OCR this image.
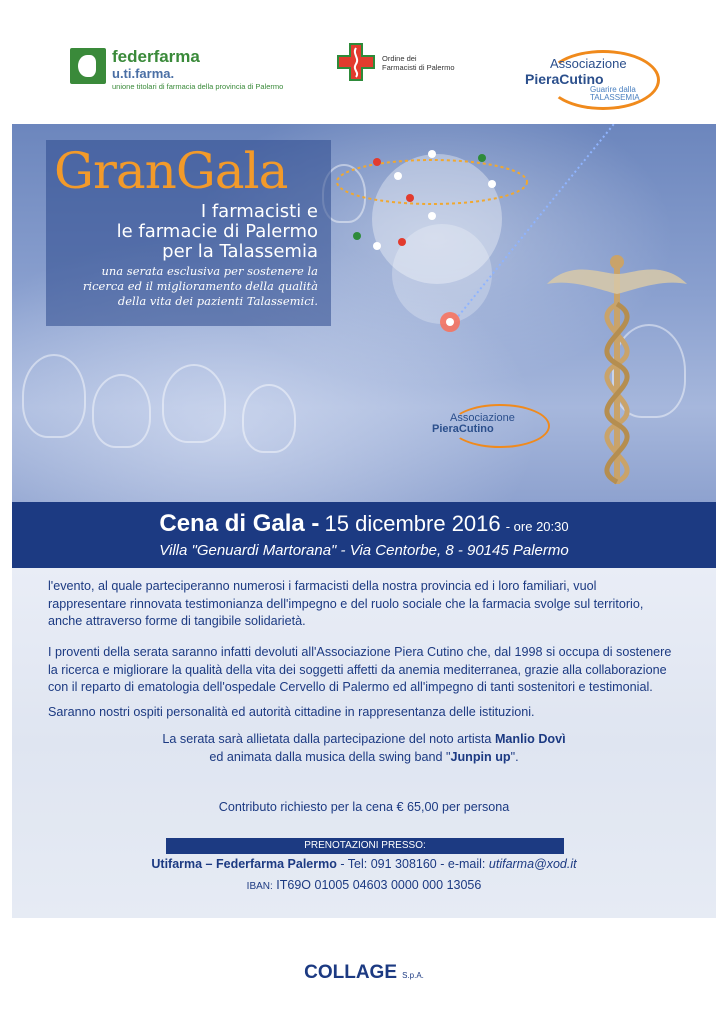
federfarma
u.ti.farma.
unione titolari di farmacia della provincia di Palermo
Ordine dei
Farmacisti di Palermo	Associazione
PieraCutino
Guarire dalla
TALASSEMIA
GranGala
I farmacisti e
le farmacie di Palermo
per la Talassemia
una serata esclusiva per sostenere la
ricerca ed il miglioramento della qualità
della vita dei pazienti Talassemici.
Associazione
PieraCutino
Cena di Gala - 15 dicembre 2016 - ore 20:30
Villa "Genuardi Martorana" - Via Centorbe, 8 - 90145 Palermo

l'evento, al quale parteciperanno numerosi i farmacisti della nostra provincia ed i loro familiari, vuol rappresentare rinnovata testimonianza dell'impegno e del ruolo sociale che la farmacia svolge sul territorio, anche attraverso forme di tangibile solidarietà.

I proventi della serata saranno infatti devoluti all'Associazione Piera Cutino che, dal 1998 si occupa di sostenere la ricerca e migliorare la qualità della vita dei soggetti affetti da anemia mediterranea, grazie alla collaborazione con il reparto di ematologia dell'ospedale Cervello di Palermo ed all'impegno di tanti sostenitori e testimonial.

Saranno nostri ospiti personalità ed autorità cittadine in rappresentanza delle istituzioni.

La serata sarà allietata dalla partecipazione del noto artista Manlio Dovì
ed animata dalla musica della swing band "Junpin up".
Contributo richiesto per la cena € 65,00 per persona
PRENOTAZIONI PRESSO:
Utifarma – Federfarma Palermo - Tel: 091 308160 - e-mail: utifarma@xod.it
IBAN: IT69O 01005 04603 0000 000 13056
COLLAGE S.p.A.
